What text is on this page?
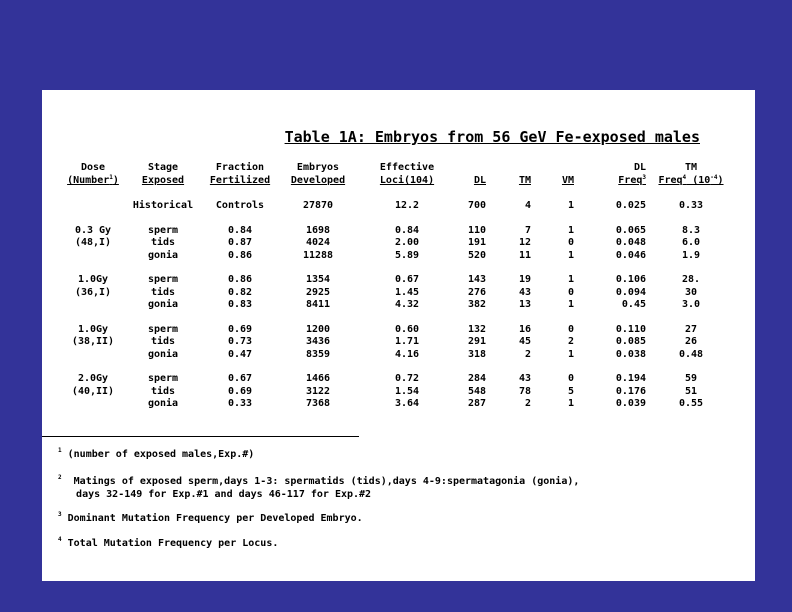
Table 1A: Embryos from 56 GeV Fe-exposed males
Dose	Stage	Fraction	Embryos	Effective				DL	TM
(Number$^1$)	Exposed	Fertilized	Developed	Loci(104)	DL	TM	VM	Freq$^3$	Freq$^4$ $(10^{-4})$

	Historical	Controls	27870	12.2	700	4	1	0.025	0.33

0.3 Gy	sperm	0.84	1698	0.84	110	7	1	0.065	8.3
(48,I)	tids	0.87	4024	2.00	191	12	0	0.048	6.0
	gonia	0.86	11288	5.89	520	11	1	0.046	1.9

1.0Gy	sperm	0.86	1354	0.67	143	19	1	0.106	28.
(36,I)	tids	0.82	2925	1.45	276	43	0	0.094	30
	gonia	0.83	8411	4.32	382	13	1	0.45	3.0

1.0Gy	sperm	0.69	1200	0.60	132	16	0	0.110	27
(38,II)	tids	0.73	3436	1.71	291	45	2	0.085	26
	gonia	0.47	8359	4.16	318	2	1	0.038	0.48

2.0Gy	sperm	0.67	1466	0.72	284	43	0	0.194	59
(40,II)	tids	0.69	3122	1.54	548	78	5	0.176	51
	gonia	0.33	7368	3.64	287	2	1	0.039	0.55
$^1$ (number of exposed males,Exp.#)
$^2$  Matings of exposed sperm,days 1-3: spermatids (tids),days 4-9:spermatagonia (gonia),
days 32-149 for Exp.#1 and days 46-117 for Exp.#2
$^3$ Dominant Mutation Frequency per Developed Embryo.
$^4$ Total Mutation Frequency per Locus.
